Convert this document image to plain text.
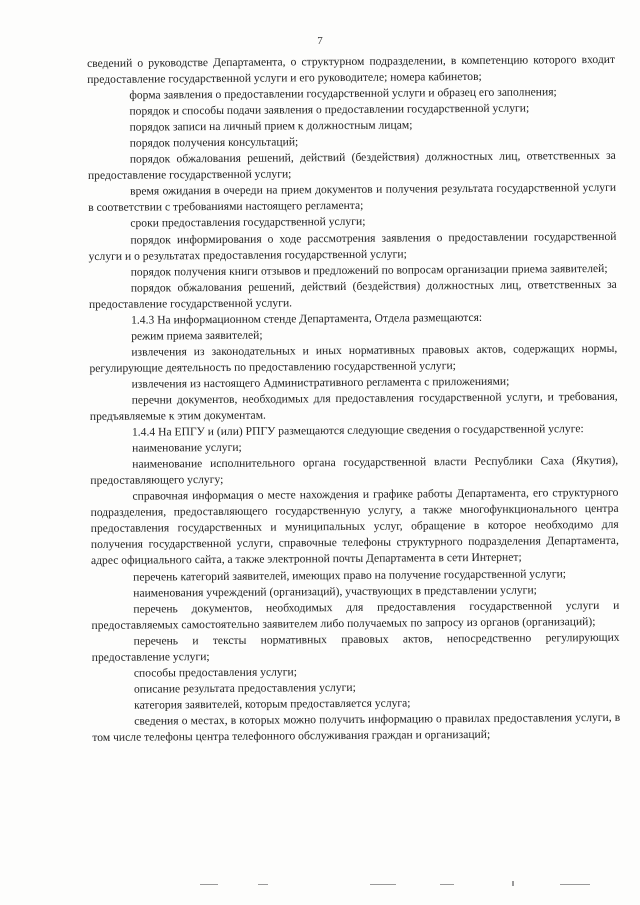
7

сведений о руководстве Департамента, о структурном подразделении, в компетенцию которого входит предоставление государственной услуги и его руководителе; номера кабинетов;

форма заявления о предоставлении государственной услуги и образец его заполнения;

порядок и способы подачи заявления о предоставлении государственной услуги;

порядок записи на личный прием к должностным лицам;

порядок получения консультаций;

порядок обжалования решений, действий (бездействия) должностных лиц, ответственных за предоставление государственной услуги;

время ожидания в очереди на прием документов и получения результата государственной услуги в соответствии с требованиями настоящего регламента;

сроки предоставления государственной услуги;

порядок информирования о ходе рассмотрения заявления о предоставлении государственной услуги и о результатах предоставления государственной услуги;

порядок получения книги отзывов и предложений по вопросам организации приема заявителей;

порядок обжалования решений, действий (бездействия) должностных лиц, ответственных за предоставление государственной услуги.

1.4.3 На информационном стенде Департамента, Отдела размещаются:

режим приема заявителей;

извлечения из законодательных и иных нормативных правовых актов, содержащих нормы, регулирующие деятельность по предоставлению государственной услуги;

извлечения из настоящего Административного регламента с приложениями;

перечни документов, необходимых для предоставления государственной услуги, и требования, предъявляемые к этим документам.

1.4.4 На ЕПГУ и (или) РПГУ размещаются следующие сведения о государственной услуге:

наименование услуги;

наименование исполнительного органа государственной власти Республики Саха (Якутия), предоставляющего услугу;

справочная информация о месте нахождения и графике работы Департамента, его структурного подразделения, предоставляющего государственную услугу, а также многофункционального центра предоставления государственных и муниципальных услуг, обращение в которое необходимо для получения государственной услуги, справочные телефоны структурного подразделения Департамента, адрес официального сайта, а также электронной почты Департамента в сети Интернет;

перечень категорий заявителей, имеющих право на получение государственной услуги;

наименования учреждений (организаций), участвующих в представлении услуги;

перечень документов, необходимых для предоставления государственной услуги и предоставляемых самостоятельно заявителем либо получаемых по запросу из органов (организаций);

перечень и тексты нормативных правовых актов, непосредственно регулирующих предоставление услуги;

способы предоставления услуги;

описание результата предоставления услуги;

категория заявителей, которым предоставляется услуга;

сведения о местах, в которых можно получить информацию о правилах предоставления услуги, в том числе телефоны центра телефонного обслуживания граждан и организаций;
